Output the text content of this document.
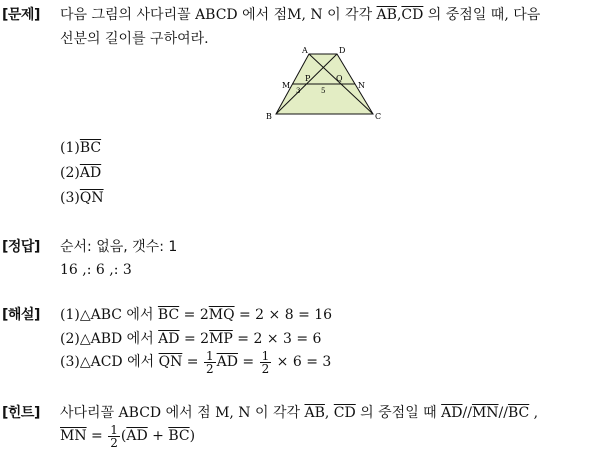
[문제] 다음 그림의 사다리꼴 ABCD 에서 점M, N 이 각각 $\overline{AB},\overline{CD}$ 의 중점일 때, 다음
선분의 길이를 구하여라.
A	D
B	C
M	N
P	Q
3	5
$(1)\overline{BC}$
$(2)\overline{AD}$
$(3)\overline{QN}$
[정답] 순서: 없음, 갯수: 1
16 ,: 6 ,: 3
[해설] (1)△ABC 에서 $\overline{BC} = 2\overline{MQ} = 2 \times 8 = 16$
(2)△ABD 에서 $\overline{AD} = 2\overline{MP} = 2 \times 3 = 6$
(3)△ACD 에서 $\overline{QN} = \frac{1}{2} \overline{AD} = \frac{1}{2} \times 6 = 3$
[힌트] 사다리꼴 ABCD 에서 점 M, N 이 각각 $\overline{AB}$, $\overline{CD}$ 의 중점일 때 $\overline{AD}//\overline{MN}//\overline{BC}$ ,
$\overline{MN} = \frac{1}{2} (\overline{AD} + \overline{BC})$
